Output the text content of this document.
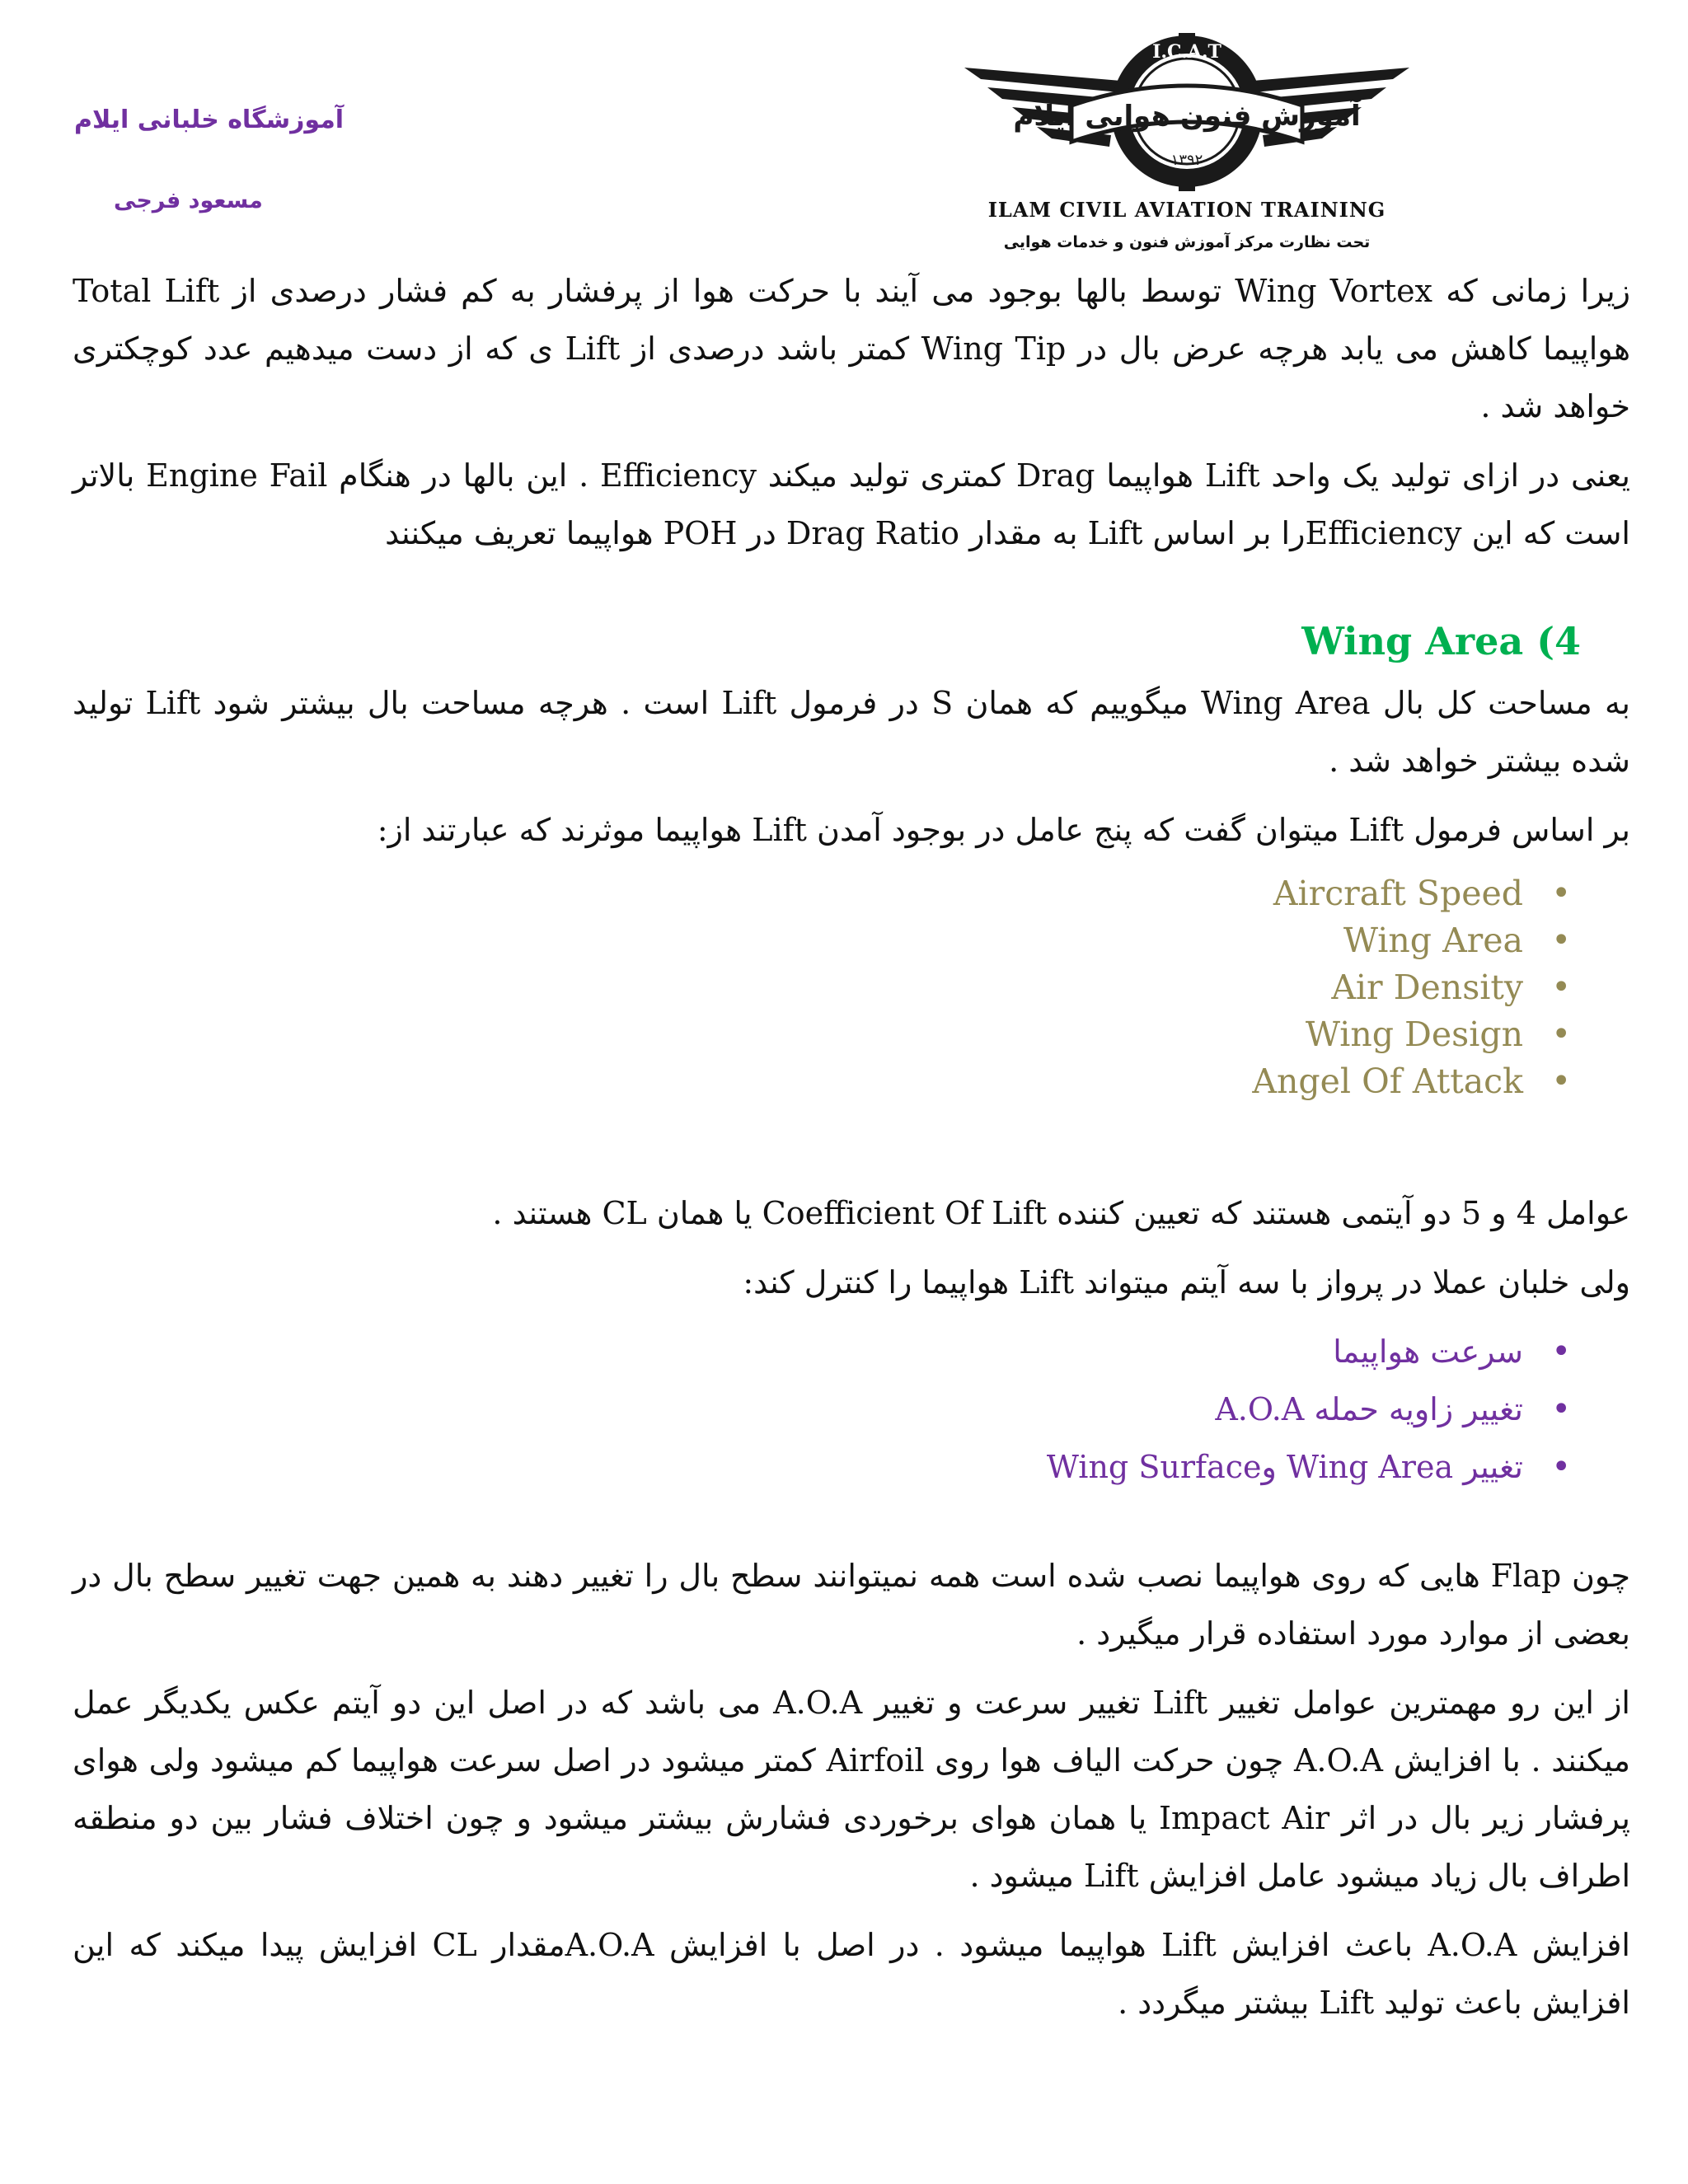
آموزشگاه خلبانی ایلام
مسعود فرجی
I.C.A.T
آموزش فنون هوایی ایلام
۱۳۹۲
ILAM CIVIL AVIATION TRAINING
تحت نظارت مرکز آموزش فنون و خدمات هوایی

زیرا زمانی که Wing Vortex توسط بالها بوجود می آیند با حرکت هوا از پرفشار به کم فشار درصدی از Total Lift هواپیما کاهش می یابد هرچه عرض بال در Wing Tip کمتر باشد درصدی از Lift ی که از دست میدهیم عدد کوچکتری خواهد شد .

یعنی در ازای تولید یک واحد Lift هواپیما Drag کمتری تولید میکند Efficiency . این بالها در هنگام Engine Fail بالاتر است که این Efficiencyرا بر اساس Lift به مقدار Drag Ratio در POH هواپیما تعریف میکنند

Wing Area (4

به مساحت کل بال Wing Area میگوییم که همان S در فرمول Lift است . هرچه مساحت بال بیشتر شود Lift تولید شده بیشتر خواهد شد .

بر اساس فرمول Lift میتوان گفت که پنج عامل در بوجود آمدن Lift هواپیما موثرند که عبارتند از:

• Aircraft Speed
• Wing Area
• Air Density
• Wing Design
• Angel Of Attack

عوامل 4 و 5 دو آیتمی هستند که تعیین کننده Coefficient Of Lift یا همان CL هستند .

ولی خلبان عملا در پرواز با سه آیتم میتواند Lift هواپیما را کنترل کند:

• سرعت هواپیما
• تغییر زاویه حمله A.O.A
• تغییر Wing Area وWing Surface

چون Flap هایی که روی هواپیما نصب شده است همه نمیتوانند سطح بال را تغییر دهند به همین جهت تغییر سطح بال در بعضی از موارد مورد استفاده قرار میگیرد .

از این رو مهمترین عوامل تغییر Lift تغییر سرعت و تغییر A.O.A می باشد که در اصل این دو آیتم عکس یکدیگر عمل میکنند . با افزایش A.O.A چون حرکت الیاف هوا روی Airfoil کمتر میشود در اصل سرعت هواپیما کم میشود ولی هوای پرفشار زیر بال در اثر Impact Air یا همان هوای برخوردی فشارش بیشتر میشود و چون اختلاف فشار بین دو منطقه اطراف بال زیاد میشود عامل افزایش Lift میشود .

افزایش A.O.A باعث افزایش Lift هواپیما میشود . در اصل با افزایش A.O.Aمقدار CL افزایش پیدا میکند که این افزایش باعث تولید Lift بیشتر میگردد .
